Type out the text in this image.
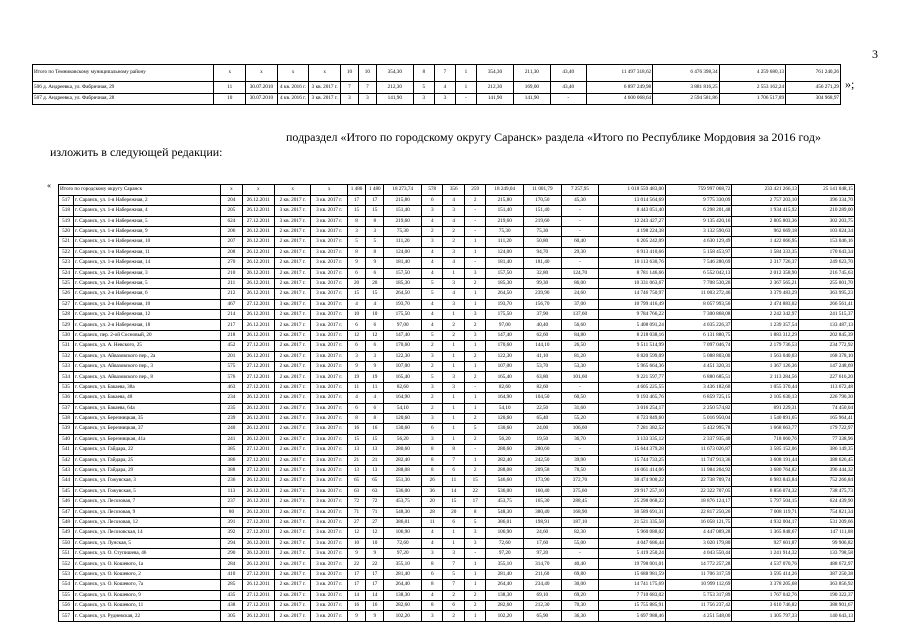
3
Итого по Темниковскому муниципальному району	х	х	х	х	10	10	354,30	8	7	1	354,30	211,30	43,40	11 497 318,62	6 476 398,34	4 259 680,13	761 240,26
506 д. Андреевка, ул. Фабричная, 29	11	30.07.2010	4 кв. 2016 г.	3 кв. 2017 г.	7	7	212,30	5	4	1	212,30	169,00	43,40	6 897 249,98	3 881 816,25	2 553 162,24	456 271,29
507 д. Андреевка, ул. Фабричная, 28	10	30.07.2010	4 кв. 2016 г.	3 кв. 2017 г.	3	3	141,90	3	3	-	141,90	141,90	-	4 600 068,64	2 594 581,86	1 706 517,89	304 968,97
»;
подраздел «Итого по городскому округу Саранск» раздела «Итого по Республике Мордовия за 2016 год» изложить в следующей редакции:
« Итого по городскому округу Саранск		х	х	х	х	1 480	1 480	18 273,74	578	356	259	18 249,04	11 001,79	7 257,95	1 018 559 483,00	759 997 068,72	233 421 266,13	25 141 048,15
517	г. Саранск, ул. 1-я Набережная, 2	204	26.12.2011	2 кв. 2017 г.	3 кв. 2017 г.	17	17	215,80	6	4	2	215,80	170,50	45,30	13 014 564,69	9 775 330,09	2 757 203,10	396 334,70
518	г. Саранск, ул. 1-я Набережная, 4	205	26.12.2011	3 кв. 2017 г.	3 кв. 2017 г.	15	15	151,40	3	3	-	151,40	151,40	-	8 443 051,40	6 298 201,48	1 934 415,92	210 289,00
519	г. Саранск, ул. 1-я Набережная, 5	624	27.12.2011	3 кв. 2017 г.	3 кв. 2017 г.	8	8	219,60	4	4	-	219,60	219,60	-	12 243 427,27	9 135 420,16	2 805 803,36	302 203,75
520	г. Саранск, ул. 1-я Набережная, 9	206	26.12.2011	2 кв. 2017 г.	3 кв. 2017 г.	3	3	75,30	2	2	-	75,30	75,30	-	4 198 224,38	3 132 590,63	962 669,18	103 024,34
521	г. Саранск, ул. 1-я Набережная, 10	207	26.12.2011	2 кв. 2017 г.	3 кв. 2017 г.	5	5	111,20	3	2	1	111,20	50,80	60,40	6 205 242,09	4 630 129,49	1 422 066,95	153 046,16
522	г. Саранск, ул. 1-я Набережная, 11	208	26.12.2011	2 кв. 2017 г.	3 кв. 2017 г.	8	8	124,00	4	3	1	124,00	94,70	29,30	6 913 410,66	5 158 453,97	1 584 333,35	170 643,34
523	г. Саранск, ул. 1-я Набережная, 14	270	26.12.2011	2 кв. 2017 г.	3 кв. 2017 г.	9	9	181,40	4	4	-	181,40	181,40	-	10 113 630,76	7 546 280,69	2 317 726,37	249 623,70
524	г. Саранск, ул. 2-я Набережная, 3	210	26.12.2011	2 кв. 2017 г.	3 кв. 2017 г.	6	6	157,50	4	1	3	157,50	32,80	124,70	8 781 146,66	6 552 042,13	2 012 358,90	216 745,63
525	г. Саранск, ул. 2-я Набережная, 5	211	26.12.2011	2 кв. 2017 г.	3 кв. 2017 г.	20	20	185,30	5	3	2	185,30	99,30	86,00	10 331 063,67	7 708 530,26	2 367 565,21	255 001,70
526	г. Саранск, ул. 2-я Набережная, 6	212	26.12.2011	2 кв. 2017 г.	3 кв. 2017 г.	15	15	264,50	5	4	1	264,50	239,90	24,60	14 746 750,97	11 003 272,46	3 379 483,29	363 995,23
527	г. Саранск, ул. 2-я Набережная, 10	467	27.12.2011	3 кв. 2017 г.	3 кв. 2017 г.	4	4	193,70	4	3	1	193,70	156,70	37,00	10 799 416,49	8 057 993,56	2 474 883,02	266 561,41
528	г. Саранск, ул. 2-я Набережная, 12	214	26.12.2011	2 кв. 2017 г.	3 кв. 2017 г.	10	10	175,50	4	1	3	175,50	37,90	137,60	9 784 766,22	7 300 868,08	2 242 342,97	241 515,37
529	г. Саранск, ул. 2-я Набережная, 18	217	26.12.2011	2 кв. 2017 г.	3 кв. 2017 г.	6	6	97,00	4	2	2	97,00	40,40	56,60	5 408 091,24	4 035 226,37	1 239 357,54	133 487,13
530	г. Саранск, пер. 2-ой Сосновый, 20	218	26.12.2011	2 кв. 2017 г.	3 кв. 2017 г.	12	12	147,40	5	2	3	147,40	62,60	84,80	8 218 038,16	6 131 880,75	1 883 312,29	202 845,39
531	г. Саранск, ул. А. Невского, 25	452	27.12.2011	2 кв. 2017 г.	3 кв. 2017 г.	6	6	170,60	2	1	1	170,60	144,10	26,50	9 511 514,99	7 097 046,74	2 179 736,53	234 772,92
532	г. Саранск, ул. Айвазовского пер., 2а	201	26.12.2011	2 кв. 2017 г.	3 кв. 2017 г.	3	3	122,30	3	1	2	122,30	41,10	81,20	6 820 599,09	5 088 803,00	1 563 040,03	168 378,10
533	г. Саранск, ул. Айвазовского пер., 3	575	27.12.2011	2 кв. 2017 г.	3 кв. 2017 г.	9	9	107,00	2	1	1	107,00	53,70	53,30	5 965 664,36	4 451 320,31	1 367 126,36	147 248,69
534	г. Саранск, ул. Айвазовского пер., 8	576	27.12.2011	2 кв. 2017 г.	3 кв. 2017 г.	19	19	165,40	5	3	2	165,40	63,80	101,60	9 221 597,77	6 880 685,51	2 113 284,56	227 616,20
535	г. Саранск, ул. Бакаева, 38а	463	27.12.2011	2 кв. 2017 г.	3 кв. 2017 г.	11	11	82,60	3	3	-	82,60	82,60	-	4 605 225,55	3 436 182,60	1 055 370,44	113 672,48
536	г. Саранск, ул. Бакаева, 48	234	26.12.2011	2 кв. 2017 г.	3 кв. 2017 г.	4	4	164,90	2	1	1	164,90	104,50	60,50	9 193 465,76	6 859 725,15	2 105 630,13	226 790,30
537	г. Саранск, ул. Бакаева, 64а	235	26.12.2011	2 кв. 2017 г.	3 кв. 2017 г.	6	6	54,10	2	1	1	54,10	22,50	31,60	3 016 254,17	2 250 574,82	691 229,31	74 450,04
538	г. Саранск, ул. Березницкая, 35	239	26.12.2011	2 кв. 2017 г.	3 кв. 2017 г.	8	8	120,60	3	1	2	120,60	65,40	55,20	6 723 849,60	5 016 950,04	1 540 891,65	165 964,41
539	г. Саранск, ул. Березницкая, 37	240	26.12.2011	2 кв. 2017 г.	3 кв. 2017 г.	16	16	130,60	6	1	5	130,60	24,00	106,60	7 281 382,52	5 432 995,78	1 668 663,77	179 722,97
540	г. Саранск, ул. Березницкая, 41а	241	26.12.2011	2 кв. 2017 г.	3 кв. 2017 г.	15	15	56,20	3	1	2	56,20	19,50	36,70	3 133 335,12	2 337 935,40	718 060,76	77 338,96
541	г. Саранск, ул. Гайдара, 22	385	27.12.2011	2 кв. 2017 г.	3 кв. 2017 г.	13	13	280,60	8	8	-	280,60	280,60	-	15 644 379,28	11 673 026,87	3 585 152,06	386 149,35
542	г. Саранск, ул. Гайдара, 25	386	27.12.2011	2 кв. 2017 г.	3 кв. 2017 г.	21	21	282,40	8	7	1	282,40	242,50	39,90	15 744 733,25	11 747 913,36	3 608 191,44	388 626,45
543	г. Саранск, ул. Гайдара, 29	388	27.12.2011	2 кв. 2017 г.	3 кв. 2017 г.	13	13	288,08	8	6	2	288,08	209,58	78,50	16 061 414,06	11 984 204,92	3 680 764,82	396 444,32
544	г. Саранск, ул. Гожувская, 3	236	26.12.2011	2 кв. 2017 г.	3 кв. 2017 г.	65	65	551,30	26	11	15	546,60	173,90	372,70	30 474 900,22	22 738 709,74	6 983 843,84	752 266,84
545	г. Саранск, ул. Гожувская, 5	113	26.12.2011	2 кв. 2017 г.	3 кв. 2017 г.	63	63	536,00	36	14	22	536,00	160,40	375,60	29 917 257,10	22 322 707,05	6 856 074,32	738 475,73
546	г. Саранск, ул. Лесозовая, 7	237	26.12.2011	2 кв. 2017 г.	3 кв. 2017 г.	72	72	453,75	20	15	17	453,75	165,30	288,45	25 298 068,22	18 876 124,17	5 797 504,15	624 439,90
547	г. Саранск, ул. Лесозовая, 9	80	26.12.2011	2 кв. 2017 г.	3 кв. 2017 г.	71	71	548,30	28	20	8	548,30	380,40	168,90	30 589 691,31	22 817 250,26	7 008 119,71	754 821,34
548	г. Саранск, ул. Лесозовая, 12	391	27.12.2011	2 кв. 2017 г.	3 кв. 2017 г.	27	27	386,01	11	6	5	386,01	198,91	187,10	21 521 335,58	16 058 121,75	4 932 004,17	531 209,66
549	г. Саранск, ул. Лесозовская, 14	392	27.12.2011	2 кв. 2017 г.	3 кв. 2017 г.	12	12	106,90	4	1	3	106,90	24,60	82,30	5 960 088,02	4 447 089,28	1 365 848,67	147 111,08
550	г. Саранск, ул. Лунская, 5	294	26.12.2011	2 кв. 2017 г.	3 кв. 2017 г.	10	10	72,60	4	1	3	72,60	17,60	55,00	4 047 686,44	3 020 179,80	927 601,87	99 906,82
551	г. Саранск, ул. О. Ступишева, 46	290	26.12.2011	2 кв. 2017 г.	3 кв. 2017 г.	9	9	97,20	3	3	-	97,20	97,20	-	5 419 250,24	4 043 550,44	1 241 914,32	133 798,58
552	г. Саранск, ул. О. Кошевого, 1а	284	26.12.2011	2 кв. 2017 г.	3 кв. 2017 г.	22	22	355,10	8	7	1	355,10	314,70	40,40	19 798 001,01	14 772 257,28	4 537 070,76	488 672,97
553	г. Саранск, ул. О. Кошевого, 2	410	27.12.2011	2 кв. 2017 г.	3 кв. 2017 г.	17	17	281,40	6	5	1	281,40	211,60	69,80	15 688 981,59	11 706 317,59	3 595 414,26	387 250,38
554	г. Саранск, ул. О. Кошевого, 7а	285	26.12.2011	2 кв. 2017 г.	3 кв. 2017 г.	17	17	264,40	8	7	1	264,40	234,40	30,00	14 741 175,69	10 999 112,69	3 378 205,68	363 856,92
555	г. Саранск, ул. О. Кошевого, 9	435	27.12.2011	2 кв. 2017 г.	3 кв. 2017 г.	14	14	138,30	4	2	2	138,30	69,10	69,20	7 710 683,02	5 753 317,89	1 767 042,76	190 322,37
556	г. Саранск, ул. О. Кошевого, 11	438	27.12.2011	2 кв. 2017 г.	3 кв. 2017 г.	16	16	282,60	8	6	2	282,60	212,30	70,30	15 755 885,91	11 756 237,42	3 610 746,82	388 901,67
557	г. Саранск, ул. Рудневская, 22	305	26.12.2011	2 кв. 2017 г.	3 кв. 2017 г.	9	9	102,20	3	2	1	102,20	65,90	36,30	5 697 988,46	4 251 548,00	1 305 797,33	140 643,13
